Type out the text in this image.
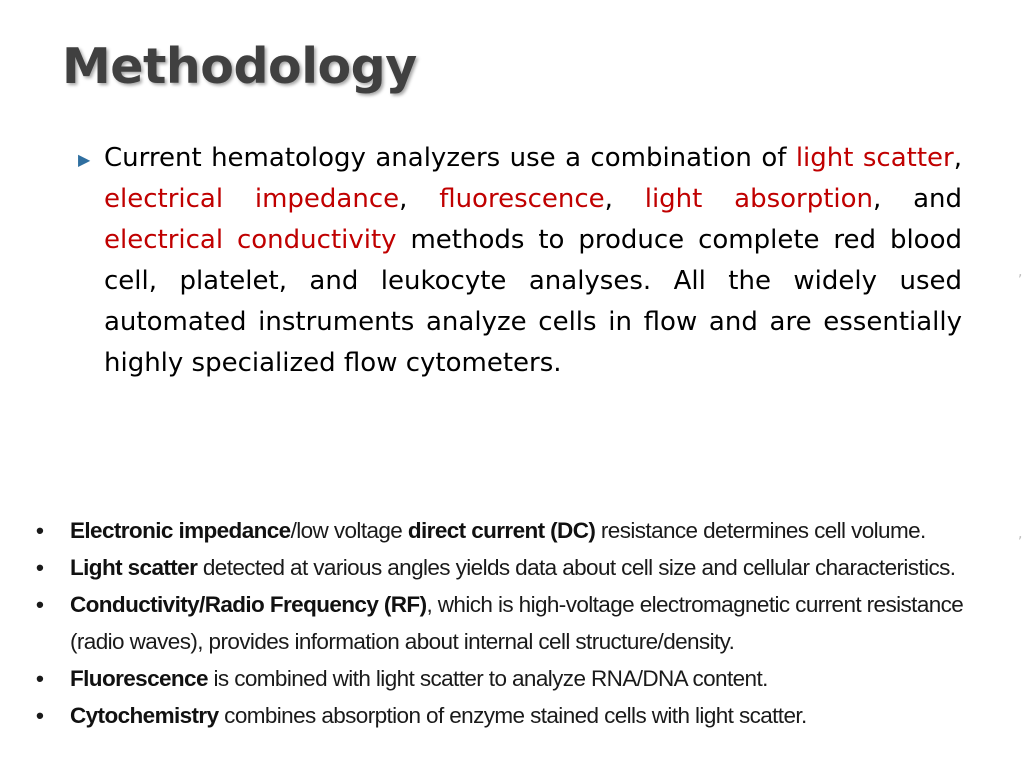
Methodology
▶ Current hematology analyzers use a combination of light scatter, electrical impedance, fluorescence, light absorption, and electrical conductivity methods to produce complete red blood cell, platelet, and leukocyte analyses. All the widely used automated instruments analyze cells in flow and are essentially highly specialized flow cytometers.
,
,
• Electronic impedance/low voltage direct current (DC) resistance determines cell volume.
• Light scatter detected at various angles yields data about cell size and cellular characteristics.
• Conductivity/Radio Frequency (RF), which is high-voltage electromagnetic current resistance (radio waves), provides information about internal cell structure/density.
• Fluorescence is combined with light scatter to analyze RNA/DNA content.
• Cytochemistry combines absorption of enzyme stained cells with light scatter.
